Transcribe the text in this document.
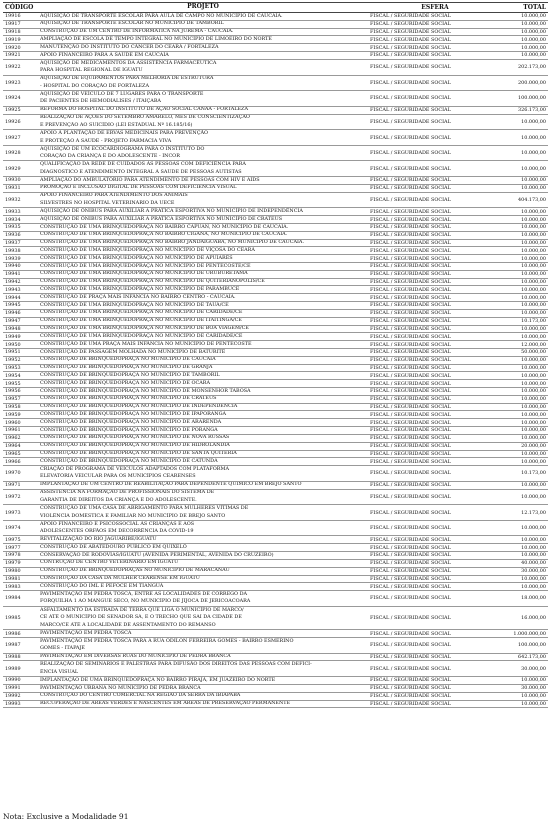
CÓDIGO	PROJETO	ESFERA	TOTAL
19916	AQUISIÇÃO DE TRANSPORTE ESCOLAR PARA AULA DE CAMPO NO MUNICÍPIO DE CAUCAIA.	FISCAL / SEGURIDADE SOCIAL	10.000,00
19917	AQUISIÇÃO DE TRANSPORTE ESCOLAR NO MUNICÍPIO DE TAMBORIL	FISCAL / SEGURIDADE SOCIAL	10.000,00
19918	CONSTRUÇÃO DE UM CENTRO DE INFORMÁTICA NA JUREMA - CAUCAIA.	FISCAL / SEGURIDADE SOCIAL	10.000,00
19919	AMPLIAÇÃO DE ESCOLA DE TEMPO INTEGRAL NO MUNICÍPIO DE LIMOEIRO DO NORTE	FISCAL / SEGURIDADE SOCIAL	10.000,00
19920	MANUTENÇÃO DO INSTITUTO DO CÂNCER DO CEARÁ / FORTALEZA	FISCAL / SEGURIDADE SOCIAL	10.000,00
19921	APOIO FINANCEIRO PARA A SAÚDE EM CAUCAIA	FISCAL / SEGURIDADE SOCIAL	10.000,00
19922
AQUISIÇÃO DE MEDICAMENTOS DA ASSISTÊNCIA FARMACÊUTICA
PARA HOSPITAL REGIONAL DE IGUATU	FISCAL / SEGURIDADE SOCIAL	202.173,00
19923
AQUISIÇÃO DE EQUIPAMENTOS PARA MELHORIA DE ESTRUTURA
- HOSPITAL DO CORAÇÃO DE FORTALEZA	FISCAL / SEGURIDADE SOCIAL	200.000,00
19924
AQUISIÇÃO DE VEÍCULO DE 7 LUGARES PARA O TRANSPORTE
DE PACIENTES DE HEMODIÁLISES / ITAIÇABA	FISCAL / SEGURIDADE SOCIAL	100.000,00
19925	REFORMA DO HOSPITAL DO INSTITUTO DE AÇÃO SOCIAL CANAÃ - FORTALEZA	FISCAL / SEGURIDADE SOCIAL	326.173,00
19926
REALIZAÇÃO DE AÇÕES DO SETEMBRO AMARELO, MÊS DE CONSCIENTIZAÇÃO
E PREVENÇÃO AO SUICÍDIO (LEI ESTADUAL Nº 16.185/16)	FISCAL / SEGURIDADE SOCIAL	10.000,00
19927
APOIO À PLANTAÇÃO DE ERVAS MEDICINAIS PARA PREVENÇÃO
E PROTEÇÃO À SAÚDE - PROJETO FARMÁCIA VIVA	FISCAL / SEGURIDADE SOCIAL	10.000,00
19928
AQUISIÇÃO DE UM ECOCARDIOGRAMA PARA O INSTITUTO DO
CORAÇÃO DA CRIANÇA E DO ADOLESCENTE - INCOR	FISCAL / SEGURIDADE SOCIAL	10.000,00
19929
QUALIFICAÇÃO DA REDE DE CUIDADOS ÀS PESSOAS COM DEFICIÊNCIA PARA
DIAGNÓSTICO E ATENDIMENTO INTEGRAL À SAÚDE DE PESSOAS AUTISTAS	FISCAL / SEGURIDADE SOCIAL	10.000,00
19930	AMPLIAÇÃO DO AMBULATÓRIO PARA ATENDIMENTO DE PESSOAS COM HIV E AIDS	FISCAL / SEGURIDADE SOCIAL	10.000,00
19931	PROMOÇÃO E INCLUSÃO DIGITAL DE PESSOAS COM DEFICIÊNCIA VISUAL	FISCAL / SEGURIDADE SOCIAL	10.000,00
19932
APOIO FINANCEIRO PARA ATENDIMENTO DOS ANIMAIS
SILVESTRES NO HOSPITAL VETERINÁRIO DA UECE	FISCAL / SEGURIDADE SOCIAL	404.173,00
19933	AQUISIÇÃO DE ÔNIBUS PARA AUXILIAR A PRÁTICA ESPORTIVA NO MUNICÍPIO DE INDEPENDÊNCIA	FISCAL / SEGURIDADE SOCIAL	10.000,00
19934	AQUISIÇÃO DE ÔNIBUS PARA AUXILIAR A PRÁTICA ESPORTIVA NO MUNICÍPIO DE CRATEÚS	FISCAL / SEGURIDADE SOCIAL	10.000,00
19935	CONSTRUÇÃO DE UMA BRINQUEDOPRAÇA NO BAIRRO CAPUAN, NO MUNICÍPIO DE CAUCAIA.	FISCAL / SEGURIDADE SOCIAL	10.000,00
19936	CONSTRUÇÃO DE UMA BRINQUEDOPRAÇA NO BAIRRO CIGANA, NO MUNICÍPIO DE CAUCAIA.	FISCAL / SEGURIDADE SOCIAL	10.000,00
19937	CONSTRUÇÃO DE UMA BRINQUEDOPRAÇA NO BAIRRO JANDAIGUABA, NO MUNICÍPIO DE CAUCAIA.	FISCAL / SEGURIDADE SOCIAL	10.000,00
19938	CONSTRUÇÃO DE UMA BRINQUEDOPRAÇA NO MUNICÍPIO DE VIÇOSA DO CEARÁ	FISCAL / SEGURIDADE SOCIAL	10.000,00
19939	CONSTRUÇÃO DE UMA BRINQUEDOPRAÇA NO MUNICÍPIO DE APUIARÉS	FISCAL / SEGURIDADE SOCIAL	10.000,00
19940	CONSTRUÇÃO DE UMA BRINQUEDOPRAÇA NO MUNICÍPIO DE PENTECOSTE/CE	FISCAL / SEGURIDADE SOCIAL	10.000,00
19941	CONSTRUÇÃO DE UMA BRINQUEDOPRAÇA NO MUNICÍPIO DE URUBURETAMA	FISCAL / SEGURIDADE SOCIAL	10.000,00
19942	CONSTRUÇÃO DE UMA BRINQUEDOPRAÇA NO MUNICÍPIO DE QUITERIANÓPOLIS/CE	FISCAL / SEGURIDADE SOCIAL	10.000,00
19943	CONSTRUÇÃO DE UMA BRINQUEDOPRAÇA NO MUNICÍPIO DE PARAMBUCE	FISCAL / SEGURIDADE SOCIAL	10.000,00
19944	CONSTRUÇÃO DE PRAÇA MAIS INFÂNCIA NO BAIRRO CENTRO - CAUCAIA.	FISCAL / SEGURIDADE SOCIAL	10.000,00
19945	CONSTRUÇÃO DE UMA BRINQUEDOPRAÇA NO MUNICÍPIO DE TAUÁ/CE	FISCAL / SEGURIDADE SOCIAL	10.000,00
19946	CONSTRUÇÃO DE UMA BRINQUEDOPRAÇA NO MUNICÍPIO DE CARIDADE/CE	FISCAL / SEGURIDADE SOCIAL	10.000,00
19947	CONSTRUÇÃO DE UMA BRINQUEDOPRAÇA NO MUNICÍPIO DE ITAITINGA/CE	FISCAL / SEGURIDADE SOCIAL	10.173,00
19948	CONSTRUÇÃO DE UMA BRINQUEDOPRAÇA NO MUNICÍPIO DE BOA VIAGEM/CE	FISCAL / SEGURIDADE SOCIAL	10.000,00
19949	CONSTRUÇÃO DE UMA BRINQUEDOPRAÇA NO MUNICÍPIO DE CARIDADE/CE	FISCAL / SEGURIDADE SOCIAL	10.000,00
19950	CONSTRUÇÃO DE UMA PRAÇA MAIS INFÂNCIA NO MUNICÍPIO DE PENTECOSTE	FISCAL / SEGURIDADE SOCIAL	12.000,00
19951	CONSTRUÇÃO DE PASSAGEM MOLHADA NO MUNICÍPIO DE BATURITÉ	FISCAL / SEGURIDADE SOCIAL	50.000,00
19952	CONSTRUÇÃO DE BRINQUEDOPRAÇA NO MUNICÍPIO DE CAUCAIA	FISCAL / SEGURIDADE SOCIAL	10.000,00
19953	CONSTRUÇÃO DE BRINQUEDOPRAÇA NO MUNICÍPIO DE GRANJA	FISCAL / SEGURIDADE SOCIAL	10.000,00
19954	CONSTRUÇÃO DE BRINQUEDOPRAÇA NO MUNICÍPIO DE TAMBORIL	FISCAL / SEGURIDADE SOCIAL	10.000,00
19955	CONSTRUÇÃO DE BRINQUEDOPRAÇA NO MUNICÍPIO DE OCARA	FISCAL / SEGURIDADE SOCIAL	10.000,00
19956	CONSTRUÇÃO DE BRINQUEDOPRAÇA NO MUNICÍPIO DE MONSENHOR TABOSA	FISCAL / SEGURIDADE SOCIAL	10.000,00
19957	CONSTRUÇÃO DE BRINQUEDOPRAÇA NO MUNICÍPIO DE CRATEÚS	FISCAL / SEGURIDADE SOCIAL	10.000,00
19958	CONSTRUÇÃO DE BRINQUEDOPRAÇA NO MUNICÍPIO DE INDEPENDÊNCIA	FISCAL / SEGURIDADE SOCIAL	10.000,00
19959	CONSTRUÇÃO DE BRINQUEDOPRAÇA NO MUNICÍPIO DE IPAPORANGA	FISCAL / SEGURIDADE SOCIAL	10.000,00
19960	CONSTRUÇÃO DE BRINQUEDOPRAÇA NO MUNICÍPIO DE ARARENDA	FISCAL / SEGURIDADE SOCIAL	10.000,00
19961	CONSTRUÇÃO DE BRINQUEDOPRAÇA NO MUNICÍPIO DE PORANGA	FISCAL / SEGURIDADE SOCIAL	10.000,00
19962	CONSTRUÇÃO DE BRINQUEDOPRAÇA NO MUNICÍPIO DE NOVA RUSSAS	FISCAL / SEGURIDADE SOCIAL	10.000,00
19964	CONSTRUÇÃO DE BRINQUEDOPRAÇA NO MUNICÍPIO DE HIDROLÂNDIA	FISCAL / SEGURIDADE SOCIAL	20.000,00
19965	CONSTRUÇÃO DE BRINQUEDOPRAÇA NO MUNICÍPIO DE SANTA QUITÉRIA	FISCAL / SEGURIDADE SOCIAL	10.000,00
19966	CONSTRUÇÃO DE BRINQUEDOPRAÇA NO MUNICÍPIO DE CATUNDA	FISCAL / SEGURIDADE SOCIAL	10.000,00
19970
CRIAÇÃO DE PROGRAMA DE VEÍCULOS ADAPTADOS COM PLATAFORMA
ELEVATÓRIA VEICULAR PARA OS MUNICÍPIOS CEARENSES	FISCAL / SEGURIDADE SOCIAL	10.173,00
19971	IMPLANTAÇÃO DE UM CENTRO DE REABILITAÇÃO PARA DEPENDENTE QUÍMICO EM BREJO SANTO	FISCAL / SEGURIDADE SOCIAL	10.000,00
19972
ASSISTÊNCIA NA FORMAÇÃO DE PROFISSIONAIS DO SISTEMA DE
GARANTIA DE DIREITOS DA CRIANÇA E DO ADOLESCENTE.	FISCAL / SEGURIDADE SOCIAL	10.000,00
19973
CONSTRUÇÃO DE UMA CASA DE ABRIGAMENTO PARA MULHERES VÍTIMAS DE
VIOLÊNCIA DOMÉSTICA E FAMILIAR NO MUNICÍPIO DE BREJO SANTO	FISCAL / SEGURIDADE SOCIAL	12.173,00
19974
APOIO FINANCEIRO E PSICOSSOCIAL ÀS CRIANÇAS E AOS
ADOLESCENTES ÓRFÃOS EM DECORRÊNCIA DA COVID-19	FISCAL / SEGURIDADE SOCIAL	10.000,00
19975	REVITALIZAÇÃO DO RIO JAGUARIBE/IGUATU	FISCAL / SEGURIDADE SOCIAL	10.000,00
19977	CONSTRUÇÃO DE ABATEDOURO PÚBLICO EM QUIXELÔ	FISCAL / SEGURIDADE SOCIAL	10.000,00
19978	CONSERVAÇÃO DE RODOVIAS/IGUATU (AVENIDA PERIMENTAL, AVENIDA DO CRUZEIRO)	FISCAL / SEGURIDADE SOCIAL	10.000,00
19979	CONTRUÇÃO DE CENTRO VETERINÁRIO EM IGUATU	FISCAL / SEGURIDADE SOCIAL	40.000,00
19980	CONSTRUÇÃO DE BRINQUEDOPRAÇAS NO MUNICÍPIO DE MARACANAÚ	FISCAL / SEGURIDADE SOCIAL	30.000,00
19981	CONSTRUÇÃO DA CASA DA MULHER CEARENSE EM IGUATU	FISCAL / SEGURIDADE SOCIAL	10.000,00
19983	CONSTRUÇÃO DO IML E PEFOCE EM TIANGUÁ	FISCAL / SEGURIDADE SOCIAL	10.000,00
19984
PAVIMENTAÇÃO EM PEDRA TOSCA, ENTRE AS LOCALIDADES DE CÓRREGO DA
FORQUILHA 1 AO MANGUE SECO, NO MUNICÍPIO DE JIJOCA DE JERICOACOARA	FISCAL / SEGURIDADE SOCIAL	18.000,00
19985
ASFALTAMENTO DA ESTRADA DE TERRA QUE LIGA O MUNICÍPIO DE MARCO/
CE ATÉ O MUNICÍPIO DE SENADOR SÁ, E O TRECHO QUE SAI DA CIDADE DE
MARCO/CE ATÉ A LOCALIDADE DE ASSENTAMENTO DO REMANSO
FISCAL / SEGURIDADE SOCIAL	16.000,00
19986	PAVIMENTAÇÃO EM PEDRA TOSCA	FISCAL / SEGURIDADE SOCIAL	1.000.000,00
19987
PAVIMENTAÇÃO EM PEDRA TOSCA PARA A RUA ODILON FERREIRA GOMES - BAIRRO ESMERINO
GOMES - ITAPAJÉ	FISCAL / SEGURIDADE SOCIAL	100.000,00
19988	PAVIMENTAÇÃO EM DIVERSAS RUAS DO MUNICÍPIO DE PEDRA BRANCA	FISCAL / SEGURIDADE SOCIAL	642.173,00
19989
REALIZAÇÃO DE SEMINÁRIOS E PALESTRAS PARA DIFUSÃO DOS DIREITOS DAS PESSOAS COM DEFICI-
ÊNCIA VISUAL	FISCAL / SEGURIDADE SOCIAL	30.000,00
19990	IMPLANTAÇÃO DE UMA BRINQUEDOPRAÇA NO BAIRRO PIRAJÁ, EM JUAZEIRO DO NORTE	FISCAL / SEGURIDADE SOCIAL	10.000,00
19991	PAVIMENTAÇÃO URBANA NO MUNICÍPIO DE PEDRA BRANCA	FISCAL / SEGURIDADE SOCIAL	30.000,00
19992	CONSTRUÇÃO DO CENTRO COMERCIAL NA REGIÃO DA SERRA DA IBIAPABA	FISCAL / SEGURIDADE SOCIAL	10.000,00
19993	RECUPERAÇÃO DE ÁREAS VERDES E NASCENTES EM ÁREAS DE PRESERVAÇÃO PERMANENTE	FISCAL / SEGURIDADE SOCIAL	10.000,00
Nota: Exclusive a Modalidade 91
